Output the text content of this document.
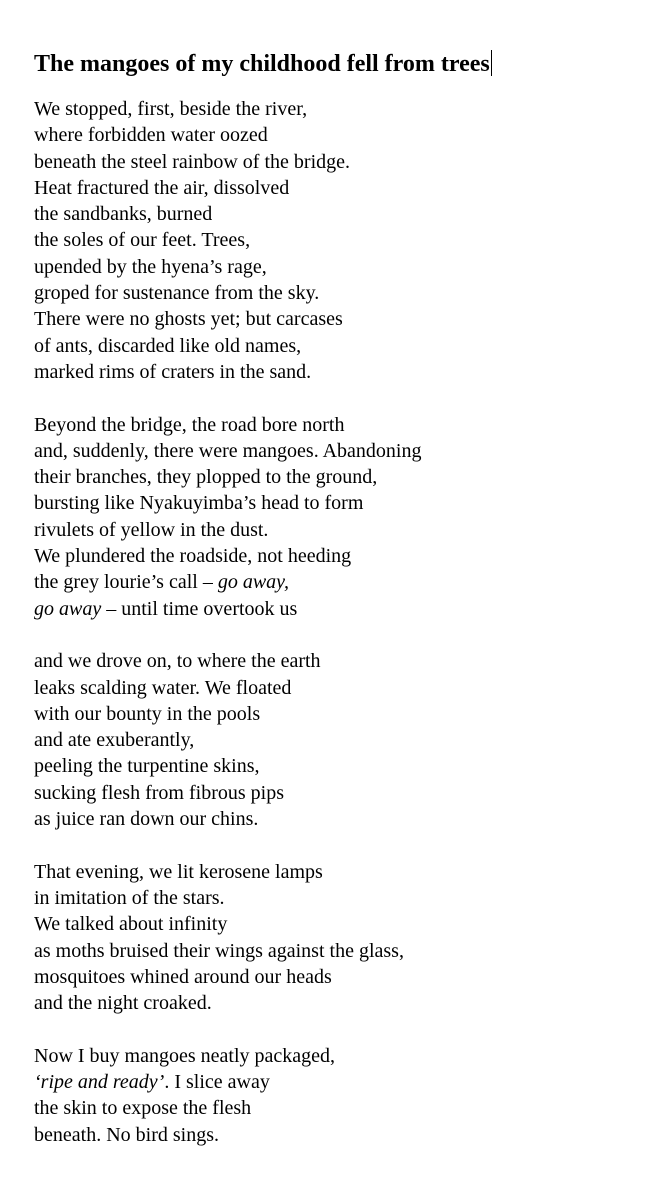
The mangoes of my childhood fell from trees
We stopped, first, beside the river,
where forbidden water oozed
beneath the steel rainbow of the bridge.
Heat fractured the air, dissolved
the sandbanks, burned
the soles of our feet. Trees,
upended by the hyena’s rage,
groped for sustenance from the sky.
There were no ghosts yet; but carcases
of ants, discarded like old names,
marked rims of craters in the sand.
Beyond the bridge, the road bore north
and, suddenly, there were mangoes. Abandoning
their branches, they plopped to the ground,
bursting like Nyakuyimba’s head to form
rivulets of yellow in the dust.
We plundered the roadside, not heeding
the grey lourie’s call – go away,
go away – until time overtook us
and we drove on, to where the earth
leaks scalding water. We floated
with our bounty in the pools
and ate exuberantly,
peeling the turpentine skins,
sucking flesh from fibrous pips
as juice ran down our chins.
That evening, we lit kerosene lamps
in imitation of the stars.
We talked about infinity
as moths bruised their wings against the glass,
mosquitoes whined around our heads
and the night croaked.
Now I buy mangoes neatly packaged,
‘ripe and ready’. I slice away
the skin to expose the flesh
beneath. No bird sings.
